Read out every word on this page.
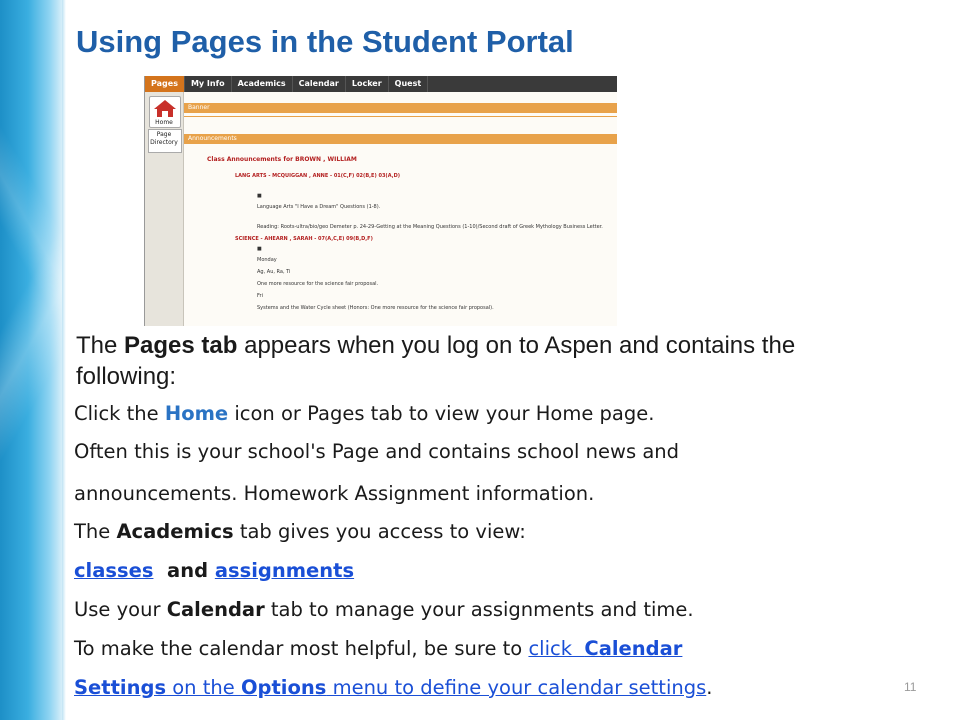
Using Pages in the Student Portal
Pages	My Info	Academics	Calendar	Locker	Quest
Home
Page Directory
Banner
Announcements
Class Announcements for BROWN , WILLIAM
LANG ARTS - MCQUIGGAN , ANNE - 01(C,F) 02(B,E) 03(A,D)
■
Language Arts "I Have a Dream" Questions (1-8).
Reading: Roots-ultra/bio/geo Demeter p. 24-29-Getting at the Meaning Questions (1-10)/Second draft of Greek Mythology Business Letter.
SCIENCE - AHEARN , SARAH - 07(A,C,E) 09(B,D,F)
■
Monday
Ag, Au, Ra, Ti
One more resource for the science fair proposal.
Fri
Systems and the Water Cycle sheet (Honors: One more resource for the science fair proposal).
The Pages tab appears when you log on to Aspen and contains the following:
Click the Home icon or Pages tab to view your Home page.
Often this is your school's Page and contains school news and
announcements. Homework Assignment information.
The Academics tab gives you access to view:
classes  and assignments
Use your Calendar tab to manage your assignments and time.
To make the calendar most helpful, be sure to click  Calendar
Settings on the Options menu to define your calendar settings.	11
